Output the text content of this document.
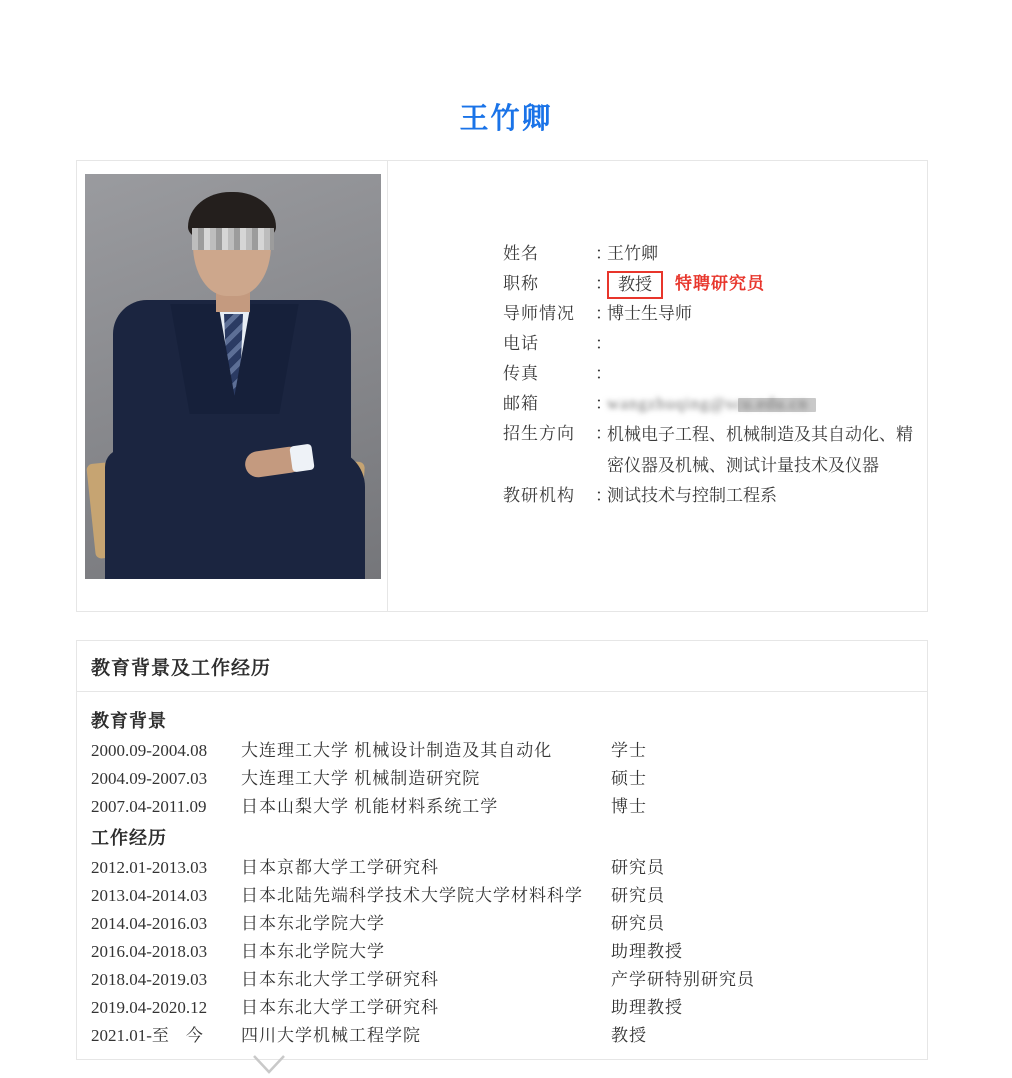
王竹卿
姓名	：
王竹卿
职称	： 教授 特聘研究员
导师情况	：
博士生导师
电话	：
传真	：
邮箱	：
wangzhuqing@scu.edu.cn
招生方向	：
机械电子工程、机械制造及其自动化、精密仪器及机械、测试计量技术及仪器
教研机构	：
测试技术与控制工程系
教育背景及工作经历
教育背景
2000.09-2004.08	大连理工大学 机械设计制造及其自动化	学士
2004.09-2007.03	大连理工大学 机械制造研究院	硕士
2007.04-2011.09	日本山梨大学 机能材料系统工学	博士
工作经历
2012.01-2013.03	日本京都大学工学研究科	研究员
2013.04-2014.03	日本北陆先端科学技术大学院大学材料科学	研究员
2014.04-2016.03	日本东北学院大学	研究员
2016.04-2018.03	日本东北学院大学	助理教授
2018.04-2019.03	日本东北大学工学研究科	产学研特别研究员
2019.04-2020.12	日本东北大学工学研究科	助理教授
2021.01-至　今	四川大学机械工程学院	教授
